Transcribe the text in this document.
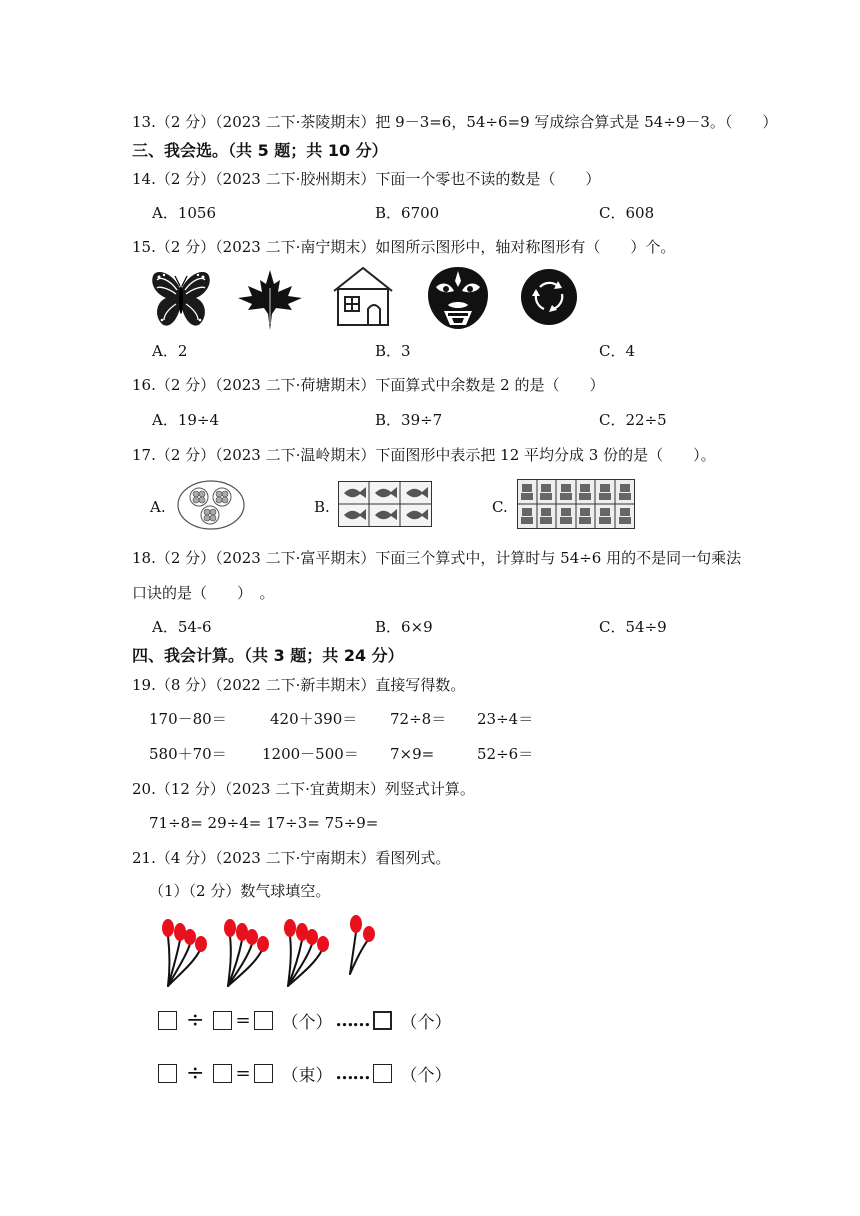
13.（2 分）（2023 二下·茶陵期末）把 9－3=6，54÷6=9 写成综合算式是 54÷9－3。（　　）
三、我会选。（共 5 题；共 10 分）
14.（2 分）（2023 二下·胶州期末）下面一个零也不读的数是（　　）
A．1056	B．6700	C．608
15.（2 分）（2023 二下·南宁期末）如图所示图形中，轴对称图形有（　　）个。
A．2	B．3	C．4
16.（2 分）（2023 二下·荷塘期末）下面算式中余数是 2 的是（　　）
A．19÷4	B．39÷7	C．22÷5
17.（2 分）（2023 二下·温岭期末）下面图形中表示把 12 平均分成 3 份的是（　　）。
A.	B.	C.
18.（2 分）（2023 二下·富平期末）下面三个算式中，计算时与 54÷6 用的不是同一句乘法
口诀的是（　　）　。
A．54-6	B．6×9	C．54÷9
四、我会计算。（共 3 题；共 24 分）
19.（8 分）（2022 二下·新丰期末）直接写得数。
170－80＝	420＋390＝ 72÷8＝ 23÷4＝
580＋70＝ 1200－500＝ 7×9=	52÷6＝
20.（12 分）（2023 二下·宜黄期末）列竖式计算。
71÷8= 29÷4= 17÷3= 75÷9=
21.（4 分）（2023 二下·宁南期末）看图列式。
（1）（2 分）数气球填空。
÷ = （个） …… （个）
÷ = （束） …… （个）
